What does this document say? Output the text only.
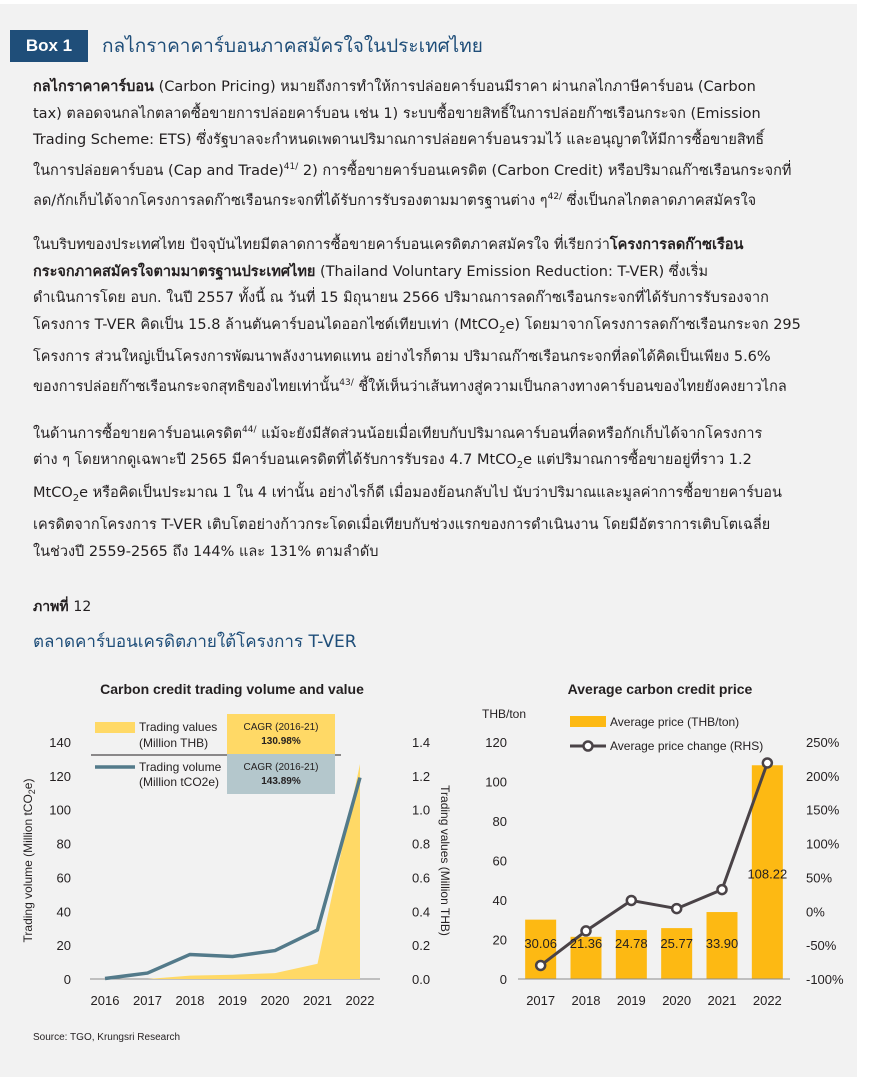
Box 1	กลไกราคาคาร์บอนภาคสมัครใจในประเทศไทย
กลไกราคาคาร์บอน (Carbon Pricing) หมายถึงการทำให้การปล่อยคาร์บอนมีราคา ผ่านกลไกภาษีคาร์บอน (Carbon
tax) ตลอดจนกลไกตลาดซื้อขายการปล่อยคาร์บอน เช่น 1) ระบบซื้อขายสิทธิ์ในการปล่อยก๊าซเรือนกระจก (Emission
Trading Scheme: ETS) ซึ่งรัฐบาลจะกำหนดเพดานปริมาณการปล่อยคาร์บอนรวมไว้ และอนุญาตให้มีการซื้อขายสิทธิ์
ในการปล่อยคาร์บอน (Cap and Trade)$^{41/}$ 2) การซื้อขายคาร์บอนเครดิต (Carbon Credit) หรือปริมาณก๊าซเรือนกระจกที่
ลด/กักเก็บได้จากโครงการลดก๊าซเรือนกระจกที่ได้รับการรับรองตามมาตรฐานต่าง ๆ$^{42/}$ ซึ่งเป็นกลไกตลาดภาคสมัครใจ
ในบริบทของประเทศไทย ปัจจุบันไทยมีตลาดการซื้อขายคาร์บอนเครดิตภาคสมัครใจ ที่เรียกว่าโครงการลดก๊าซเรือน
กระจกภาคสมัครใจตามมาตรฐานประเทศไทย (Thailand Voluntary Emission Reduction: T-VER) ซึ่งเริ่ม
ดำเนินการโดย อบก. ในปี 2557 ทั้งนี้ ณ วันที่ 15 มิถุนายน 2566 ปริมาณการลดก๊าซเรือนกระจกที่ได้รับการรับรองจาก
โครงการ T-VER คิดเป็น 15.8 ล้านตันคาร์บอนไดออกไซด์เทียบเท่า (MtCO$_2$e) โดยมาจากโครงการลดก๊าซเรือนกระจก 295
โครงการ ส่วนใหญ่เป็นโครงการพัฒนาพลังงานทดแทน อย่างไรก็ตาม ปริมาณก๊าซเรือนกระจกที่ลดได้คิดเป็นเพียง 5.6%
ของการปล่อยก๊าซเรือนกระจกสุทธิของไทยเท่านั้น$^{43/}$ ชี้ให้เห็นว่าเส้นทางสู่ความเป็นกลางทางคาร์บอนของไทยยังคงยาวไกล
ในด้านการซื้อขายคาร์บอนเครดิต$^{44/}$ แม้จะยังมีสัดส่วนน้อยเมื่อเทียบกับปริมาณคาร์บอนที่ลดหรือกักเก็บได้จากโครงการ
ต่าง ๆ โดยหากดูเฉพาะปี 2565 มีคาร์บอนเครดิตที่ได้รับการรับรอง 4.7 MtCO$_2$e แต่ปริมาณการซื้อขายอยู่ที่ราว 1.2
MtCO$_2$e หรือคิดเป็นประมาณ 1 ใน 4 เท่านั้น อย่างไรก็ดี เมื่อมองย้อนกลับไป นับว่าปริมาณและมูลค่าการซื้อขายคาร์บอน
เครดิตจากโครงการ T-VER เติบโตอย่างก้าวกระโดดเมื่อเทียบกับช่วงแรกของการดำเนินงาน โดยมีอัตราการเติบโตเฉลี่ย
ในช่วงปี 2559-2565 ถึง 144% และ 131% ตามลำดับ
ภาพที่ 12
ตลาดคาร์บอนเครดิตภายใต้โครงการ T-VER
Carbon credit trading volume and value
0
20
40
60
80
100
120
140
0.0
0.2
0.4
0.6
0.8
1.0
1.2
1.4
2016 2017 2018 2019 2020 2021 2022
Trading volume (Million tCO$_2$e)
Trading values (Million THB)
Trading values
(Million THB)
Trading volume
(Million tCO2e)
CAGR (2016-21)
130.98%
CAGR (2016-21)
143.89%
Average carbon credit price
THB/ton
0
20
40
60
80
100
120
-100%
-50%
0%
50%
100%
150%
200%
250%
2017 2018 2019 2020 2021 2022
30.06 21.36 24.78 25.77 33.90
108.22
Average price (THB/ton)
Average price change (RHS)
Source: TGO, Krungsri Research
